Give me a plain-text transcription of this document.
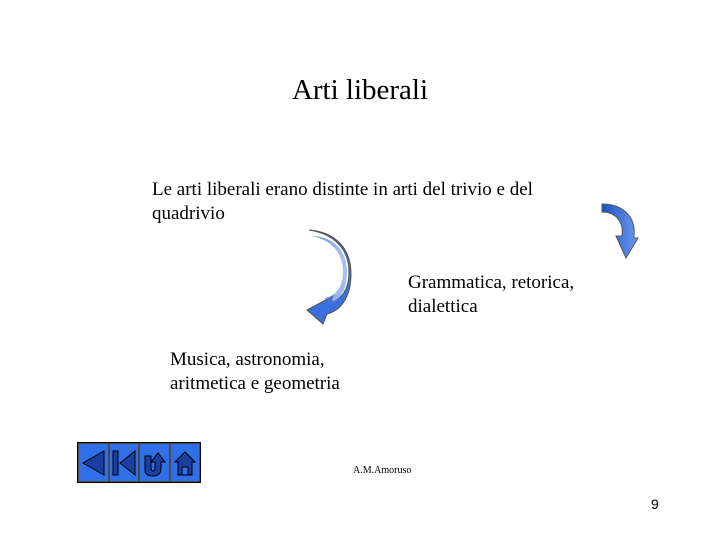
Arti liberali
Le arti liberali erano distinte in arti del trivio e del quadrivio
Grammatica, retorica, dialettica
Musica, astronomia, aritmetica e geometria
A.M.Amoruso
9
